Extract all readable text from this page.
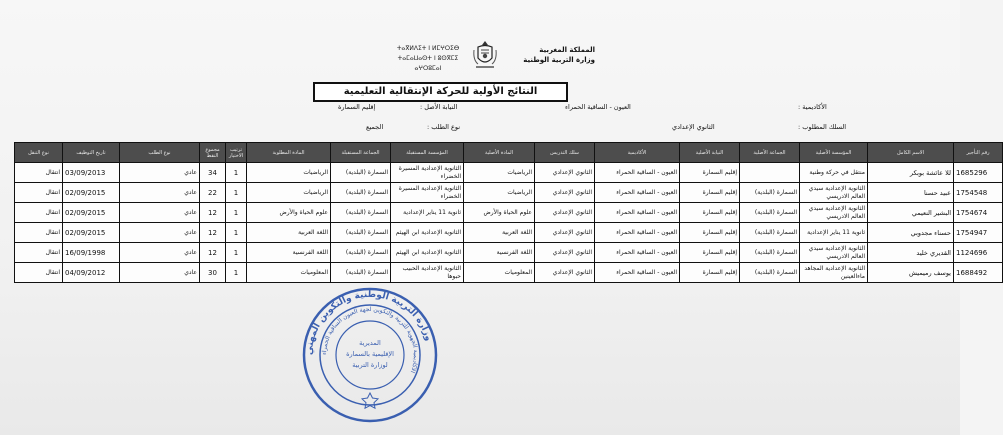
ⵜⴰⴳⵍⴷⵉⵜ ⵏ ⵍⵎⵖⵔⵉⴱ
ⵜⴰⵎⴰⵡⴰⵙⵜ ⵏ ⵓⵙⴳⵎⵉ
ⴰⵖⵔⵓⵎⴰⵏ
المملكة المغربية
وزارة التربية الوطنية
النتائج الأولية للحركة الإنتقالية التعليمية
الأكاديمية :
العيون - الساقية الحمراء
النيابة الأصل :
إقليم السمارة
السلك المطلوب :
الثانوي الإعدادي
نوع الطلب :
الجميع
رقم التأجير	الاسم الكامل	المؤسسة الأصلية	الجماعة الأصلية	النيابة الأصلية	الأكاديمية	سلك التدريس	المادة الأصلية	المؤسسة المستقبلة	الجماعة المستقبلة	المادة المطلوبة	ترتيب الاختيار	مجموع النقط	نوع الطلب	تاريخ التوظيف	نوع التنقل
1685296	للا عائشة بوبكر	منتقل في حركة وطنية		إقليم السمارة	العيون - الساقية الحمراء	الثانوي الإعدادي	الرياضيات	الثانوية الإعدادية المسيرة الخضراء	السمارة (البلدية)	الرياضيات	1	34	عادي	03/09/2013	انتقال
1754548	عبيد حسنا	الثانوية الإعدادية سيدي العالم الادريسي	السمارة (البلدية)	إقليم السمارة	العيون - الساقية الحمراء	الثانوي الإعدادي	الرياضيات	الثانوية الإعدادية المسيرة الخضراء	السمارة (البلدية)	الرياضيات	1	22	عادي	02/09/2015	انتقال
1754674	البشير النعيمي	الثانوية الإعدادية سيدي العالم الادريسي	السمارة (البلدية)	إقليم السمارة	العيون - الساقية الحمراء	الثانوي الإعدادي	علوم الحياة والأرض	ثانوية 11 يناير الإعدادية	السمارة (البلدية)	علوم الحياة والأرض	1	12	عادي	02/09/2015	انتقال
1754947	حسناء مجدوبي	ثانوية 11 يناير الإعدادية	السمارة (البلدية)	إقليم السمارة	العيون - الساقية الحمراء	الثانوي الإعدادي	اللغة العربية	الثانوية الإعدادية ابن الهيثم	السمارة (البلدية)	اللغة العربية	1	12	عادي	02/09/2015	انتقال
1124696	القديري خليد	الثانوية الإعدادية سيدي العالم الادريسي	السمارة (البلدية)	إقليم السمارة	العيون - الساقية الحمراء	الثانوي الإعدادي	اللغة الفرنسية	الثانوية الإعدادية ابن الهيثم	السمارة (البلدية)	اللغة الفرنسية	1	12	عادي	16/09/1998	انتقال
1688492	يوسف رميميش	الثانوية الإعدادية المجاهد ماءالعينين	السمارة (البلدية)	إقليم السمارة	العيون - الساقية الحمراء	الثانوي الإعدادي	المعلوميات	الثانوية الإعدادية الحبيب حبوها	السمارة (البلدية)	المعلوميات	1	30	عادي	04/09/2012	انتقال
وزارة التربية الوطنية والتكوين المهني
الأكاديمية الجهوية للتربية والتكوين لجهة العيون الساقية الحمراء
المديرية
الإقليمية بالسمارة
لوزارة التربية
